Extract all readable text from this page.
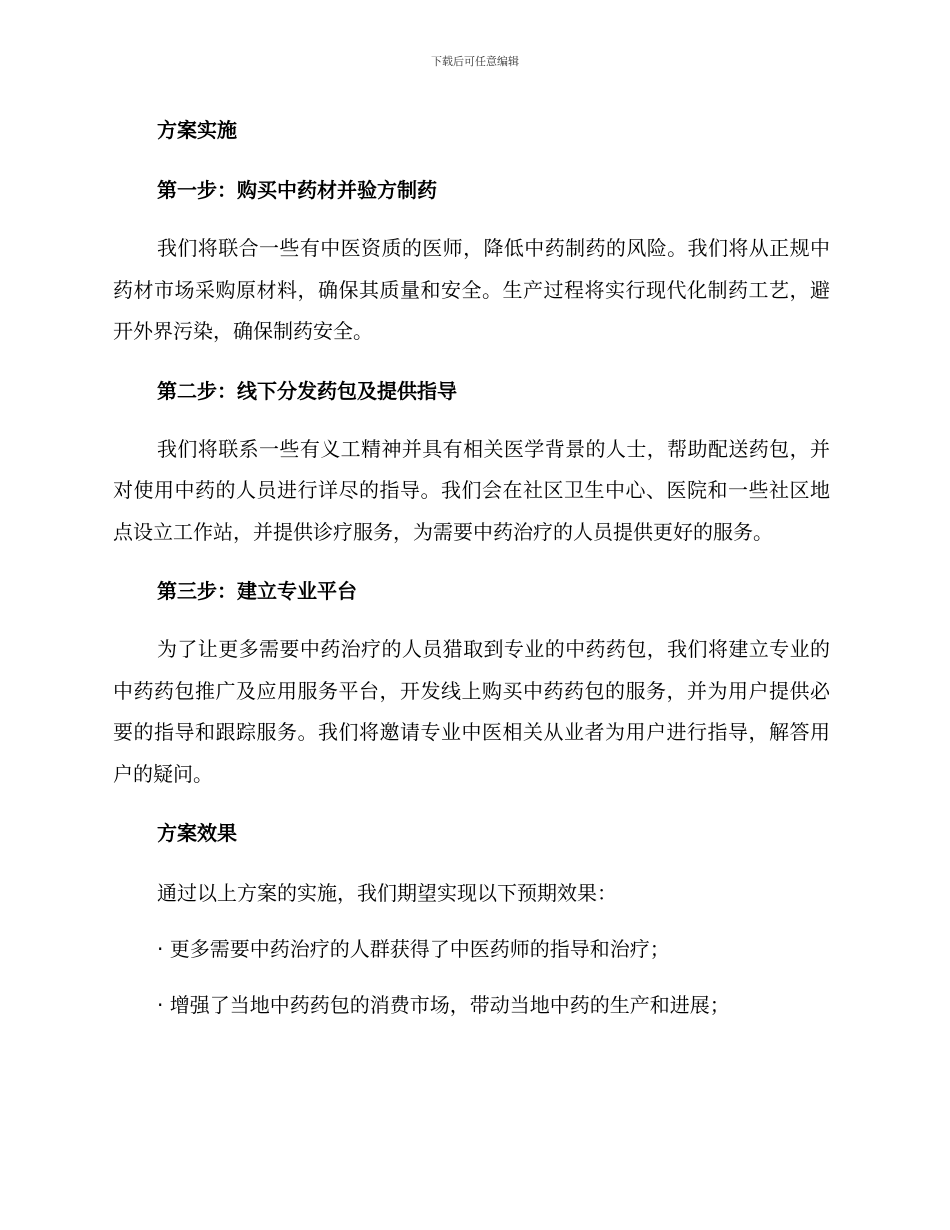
下载后可任意编辑
方案实施
第一步：购买中药材并验方制药
我们将联合一些有中医资质的医师，降低中药制药的风险。我们将从正规中药材市场采购原材料，确保其质量和安全。生产过程将实行现代化制药工艺，避开外界污染，确保制药安全。
第二步：线下分发药包及提供指导
我们将联系一些有义工精神并具有相关医学背景的人士，帮助配送药包，并对使用中药的人员进行详尽的指导。我们会在社区卫生中心、医院和一些社区地点设立工作站，并提供诊疗服务，为需要中药治疗的人员提供更好的服务。
第三步：建立专业平台
为了让更多需要中药治疗的人员猎取到专业的中药药包，我们将建立专业的中药药包推广及应用服务平台，开发线上购买中药药包的服务，并为用户提供必要的指导和跟踪服务。我们将邀请专业中医相关从业者为用户进行指导，解答用户的疑问。
方案效果
通过以上方案的实施，我们期望实现以下预期效果：
· 更多需要中药治疗的人群获得了中医药师的指导和治疗；
· 增强了当地中药药包的消费市场，带动当地中药的生产和进展；
